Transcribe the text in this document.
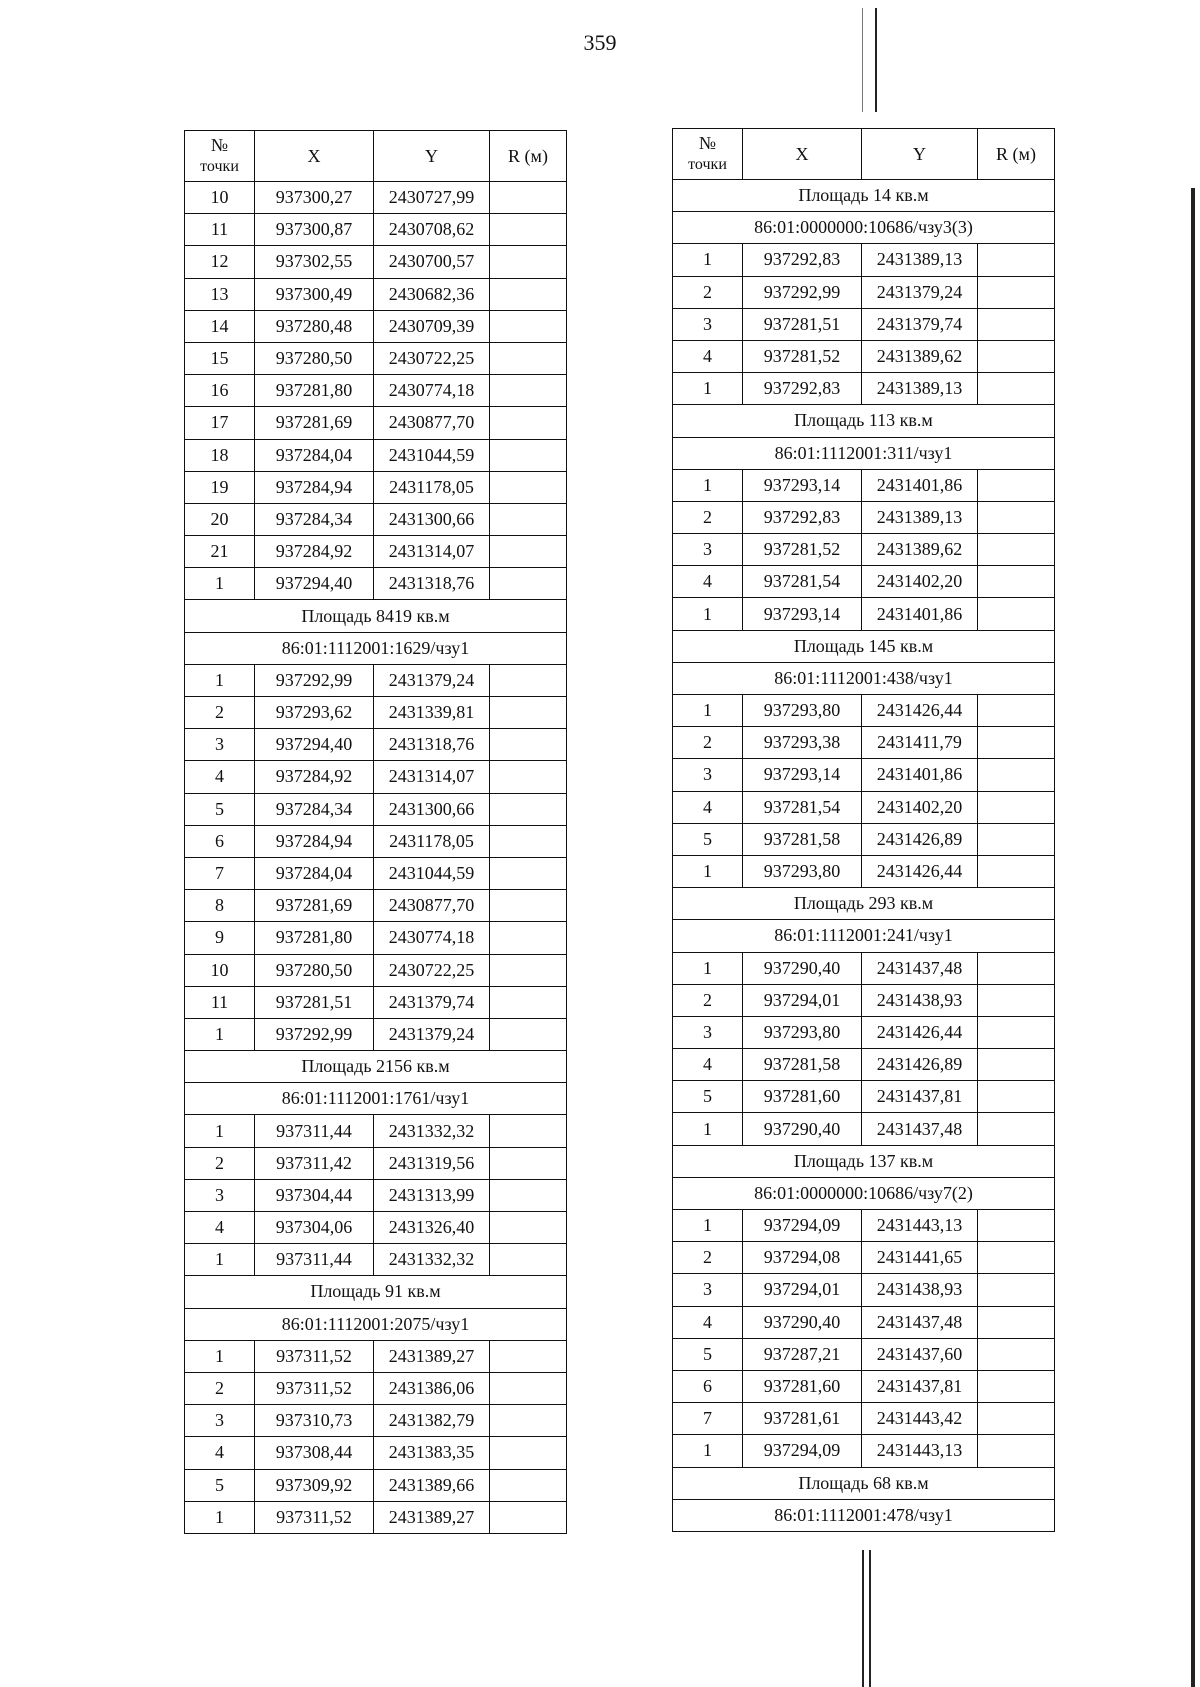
359
№
точки	X	Y	R (м)
10	937300,27	2430727,99	
11	937300,87	2430708,62	
12	937302,55	2430700,57	
13	937300,49	2430682,36	
14	937280,48	2430709,39	
15	937280,50	2430722,25	
16	937281,80	2430774,18	
17	937281,69	2430877,70	
18	937284,04	2431044,59	
19	937284,94	2431178,05	
20	937284,34	2431300,66	
21	937284,92	2431314,07	
1	937294,40	2431318,76	
Площадь 8419 кв.м			
86:01:1112001:1629/чзу1			
1	937292,99	2431379,24	
2	937293,62	2431339,81	
3	937294,40	2431318,76	
4	937284,92	2431314,07	
5	937284,34	2431300,66	
6	937284,94	2431178,05	
7	937284,04	2431044,59	
8	937281,69	2430877,70	
9	937281,80	2430774,18	
10	937280,50	2430722,25	
11	937281,51	2431379,74	
1	937292,99	2431379,24	
Площадь 2156 кв.м			
86:01:1112001:1761/чзу1			
1	937311,44	2431332,32	
2	937311,42	2431319,56	
3	937304,44	2431313,99	
4	937304,06	2431326,40	
1	937311,44	2431332,32	
Площадь 91 кв.м			
86:01:1112001:2075/чзу1			
1	937311,52	2431389,27	
2	937311,52	2431386,06	
3	937310,73	2431382,79	
4	937308,44	2431383,35	
5	937309,92	2431389,66	
1	937311,52	2431389,27	
№
точки	X	Y	R (м)
Площадь 14 кв.м			
86:01:0000000:10686/чзу3(3)			
1	937292,83	2431389,13	
2	937292,99	2431379,24	
3	937281,51	2431379,74	
4	937281,52	2431389,62	
1	937292,83	2431389,13	
Площадь 113 кв.м			
86:01:1112001:311/чзу1			
1	937293,14	2431401,86	
2	937292,83	2431389,13	
3	937281,52	2431389,62	
4	937281,54	2431402,20	
1	937293,14	2431401,86	
Площадь 145 кв.м			
86:01:1112001:438/чзу1			
1	937293,80	2431426,44	
2	937293,38	2431411,79	
3	937293,14	2431401,86	
4	937281,54	2431402,20	
5	937281,58	2431426,89	
1	937293,80	2431426,44	
Площадь 293 кв.м			
86:01:1112001:241/чзу1			
1	937290,40	2431437,48	
2	937294,01	2431438,93	
3	937293,80	2431426,44	
4	937281,58	2431426,89	
5	937281,60	2431437,81	
1	937290,40	2431437,48	
Площадь 137 кв.м			
86:01:0000000:10686/чзу7(2)			
1	937294,09	2431443,13	
2	937294,08	2431441,65	
3	937294,01	2431438,93	
4	937290,40	2431437,48	
5	937287,21	2431437,60	
6	937281,60	2431437,81	
7	937281,61	2431443,42	
1	937294,09	2431443,13	
Площадь 68 кв.м			
86:01:1112001:478/чзу1			
